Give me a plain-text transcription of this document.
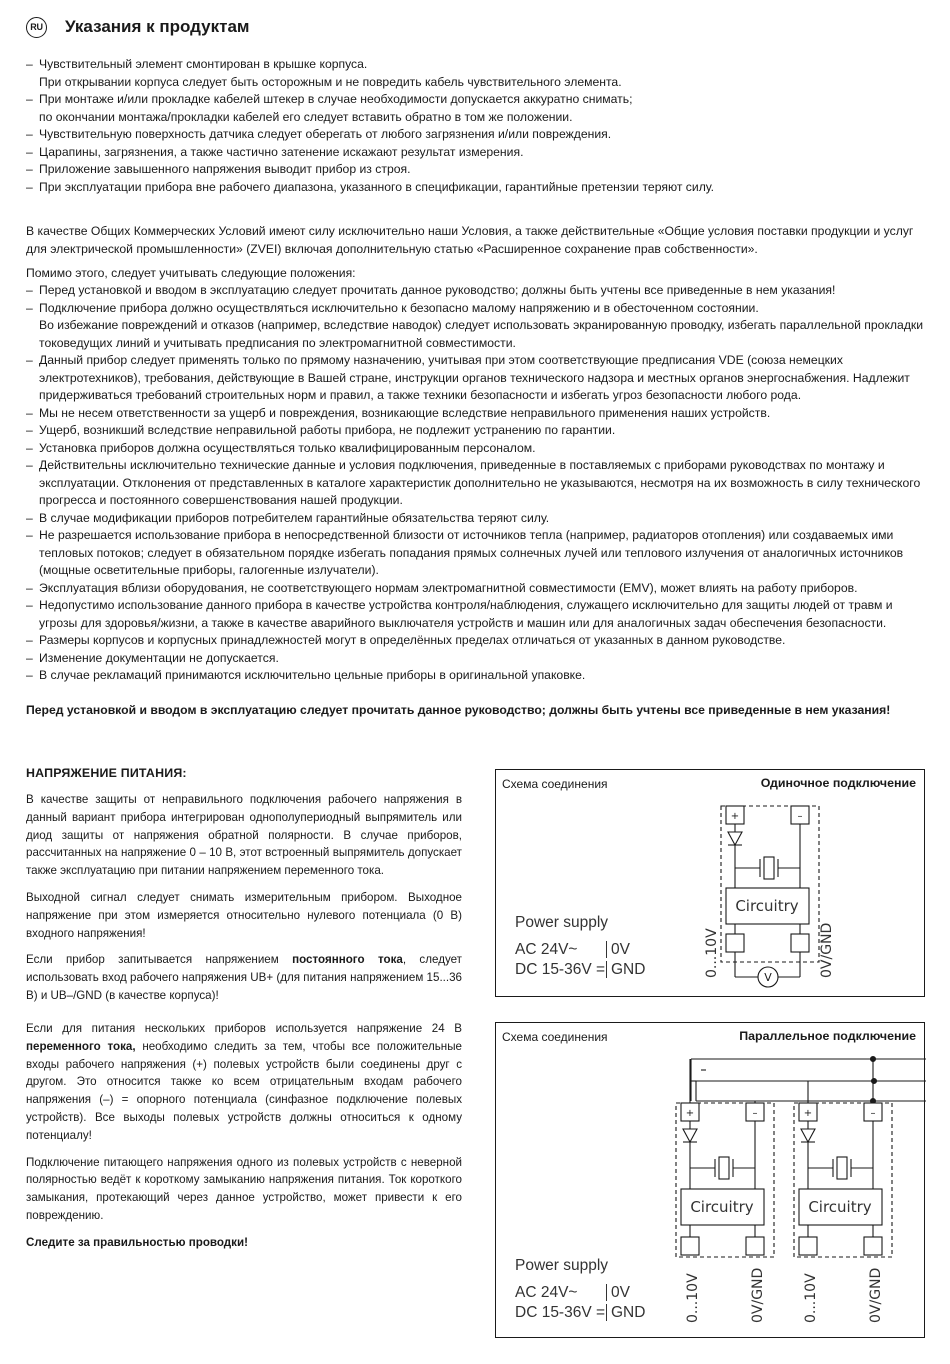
RU Указания к продуктам
– Чувствительный элемент смонтирован в крышке корпуса.
При открывании корпуса следует быть осторожным и не повредить кабель чувствительного элемента.
– При монтаже и/или прокладке кабелей штекер в случае необходимости допускается аккуратно снимать;
по окончании монтажа/прокладки кабелей его следует вставить обратно в том же положении.
– Чувствительную поверхность датчика следует оберегать от любого загрязнения и/или повреждения.
– Царапины, загрязнения, а также частично затенение искажают результат измерения.
– Приложение завышенного напряжения выводит прибор из строя.
– При эксплуатации прибора вне рабочего диапазона, указанного в спецификации, гарантийные претензии теряют силу.

В качестве Общих Коммерческих Условий имеют силу исключительно наши Условия, а также действительные «Общие условия поставки продукции и услуг для электрической промышленности» (ZVEI) включая дополнительную статью «Расширенное сохранение прав собственности».

Помимо этого, следует учитывать следующие положения:

– Перед установкой и вводом в эксплуатацию следует прочитать данное руководство; должны быть учтены все приведенные в нем указания!
– Подключение прибора должно осуществляться исключительно к безопасно малому напряжению и в обесточенном состоянии.
Во избежание повреждений и отказов (например, вследствие наводок) следует использовать экранированную проводку, избегать параллельной прокладки токоведущих линий и учитывать предписания по электромагнитной совместимости.
– Данный прибор следует применять только по прямому назначению, учитывая при этом соответствующие предписания VDE (союза немецких электротехников), требования, действующие в Вашей стране, инструкции органов технического надзора и местных органов энергоснабжения. Надлежит придерживаться требований строительных норм и правил, а также техники безопасности и избегать угроз безопасности любого рода.
– Мы не несем ответственности за ущерб и повреждения, возникающие вследствие неправильного применения наших устройств.
– Ущерб, возникший вследствие неправильной работы прибора, не подлежит устранению по гарантии.
– Установка приборов должна осуществляться только квалифицированным персоналом.
– Действительны исключительно технические данные и условия подключения, приведенные в поставляемых с приборами руководствах по монтажу и эксплуатации. Отклонения от представленных в каталоге характеристик дополнительно не указываются, несмотря на их возможность в силу технического прогресса и постоянного совершенствования нашей продукции.
– В случае модификации приборов потребителем гарантийные обязательства теряют силу.
– Не разрешается использование прибора в непосредственной близости от источников тепла (например, радиаторов отопления) или создаваемых ими тепловых потоков; следует в обязательном порядке избегать попадания прямых солнечных лучей или теплового излучения от аналогичных источников (мощные осветительные приборы, галогенные излучатели).
– Эксплуатация вблизи оборудования, не соответствующего нормам электромагнитной совместимости (EMV), может влиять на работу приборов.
– Недопустимо использование данного прибора в качестве устройства контроля/наблюдения, служащего исключительно для защиты людей от травм и угрозы для здоровья/жизни, а также в качестве аварийного выключателя устройств и машин или для аналогичных задач обеспечения безопасности.
– Размеры корпусов и корпусных принадлежностей могут в определённых пределах отличаться от указанных в данном руководстве.
– Изменение документации не допускается.
– В случае рекламаций принимаются исключительно цельные приборы в оригинальной упаковке.

Перед установкой и вводом в эксплуатацию следует прочитать данное руководство; должны быть учтены все приведенные в нем указания!

НАПРЯЖЕНИЕ ПИТАНИЯ:

В качестве защиты от неправильного подключения рабочего напряжения в данный вариант прибора интегрирован однополупериодный выпрямитель или диод защиты от напряжения обратной полярности. В случае приборов, рассчитанных на напряжение 0 – 10 В, этот встроенный выпрямитель допускает также эксплуатацию при питании напряжением переменного тока.

Выходной сигнал следует снимать измерительным прибором. Выходное напряжение при этом измеряется относительно нулевого потенциала (0 В) входного напряжения!

Если прибор запитывается напряжением постоянного тока, следует использовать вход рабочего напряжения UB+ (для питания напряжением 15...36 В) и UB–/GND (в качестве корпуса)!

Если для питания нескольких приборов используется напряжение 24 В переменного тока, необходимо следить за тем, чтобы все положительные входы рабочего напряжения (+) полевых устройств были соединены друг с другом. Это относится также ко всем отрицательным входам рабочего напряжения (–) = опорного потенциала (синфазное подключение полевых устройств). Все выходы полевых устройств должны относиться к одному потенциалу!

Подключение питающего напряжения одного из полевых устройств с неверной полярностью ведёт к короткому замыканию напряжения питания. Ток короткого замыкания, протекающий через данное устройство, может привести к его повреждению.

Следите за правильностью проводки!

Схема соединения	Одиночное подключение
+	–
Circuitry
V
0...10V	0V/GND
Power supply
AC 24V~ 0V
DC 15-36V = GND
Схема соединения	Параллельное подключение
+	–	+	–
Circuitry	Circuitry
0...10V	0V/GND	0...10V	0V/GND
Power supply
AC 24V~ 0V
DC 15-36V = GND
